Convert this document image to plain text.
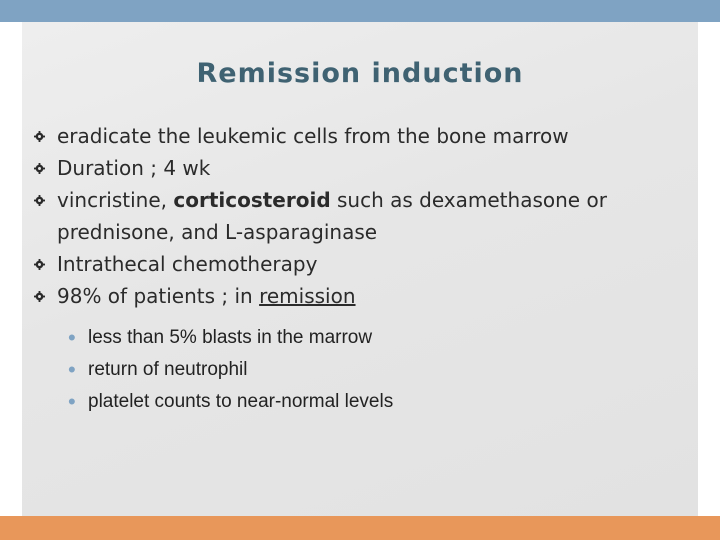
Remission induction
eradicate the leukemic cells from the bone marrow
Duration ; 4 wk
vincristine, corticosteroid such as dexamethasone or prednisone, and L-asparaginase
Intrathecal chemotherapy
98% of patients ; in remission
• less than 5% blasts in the marrow
• return of neutrophil
• platelet counts to near-normal levels
